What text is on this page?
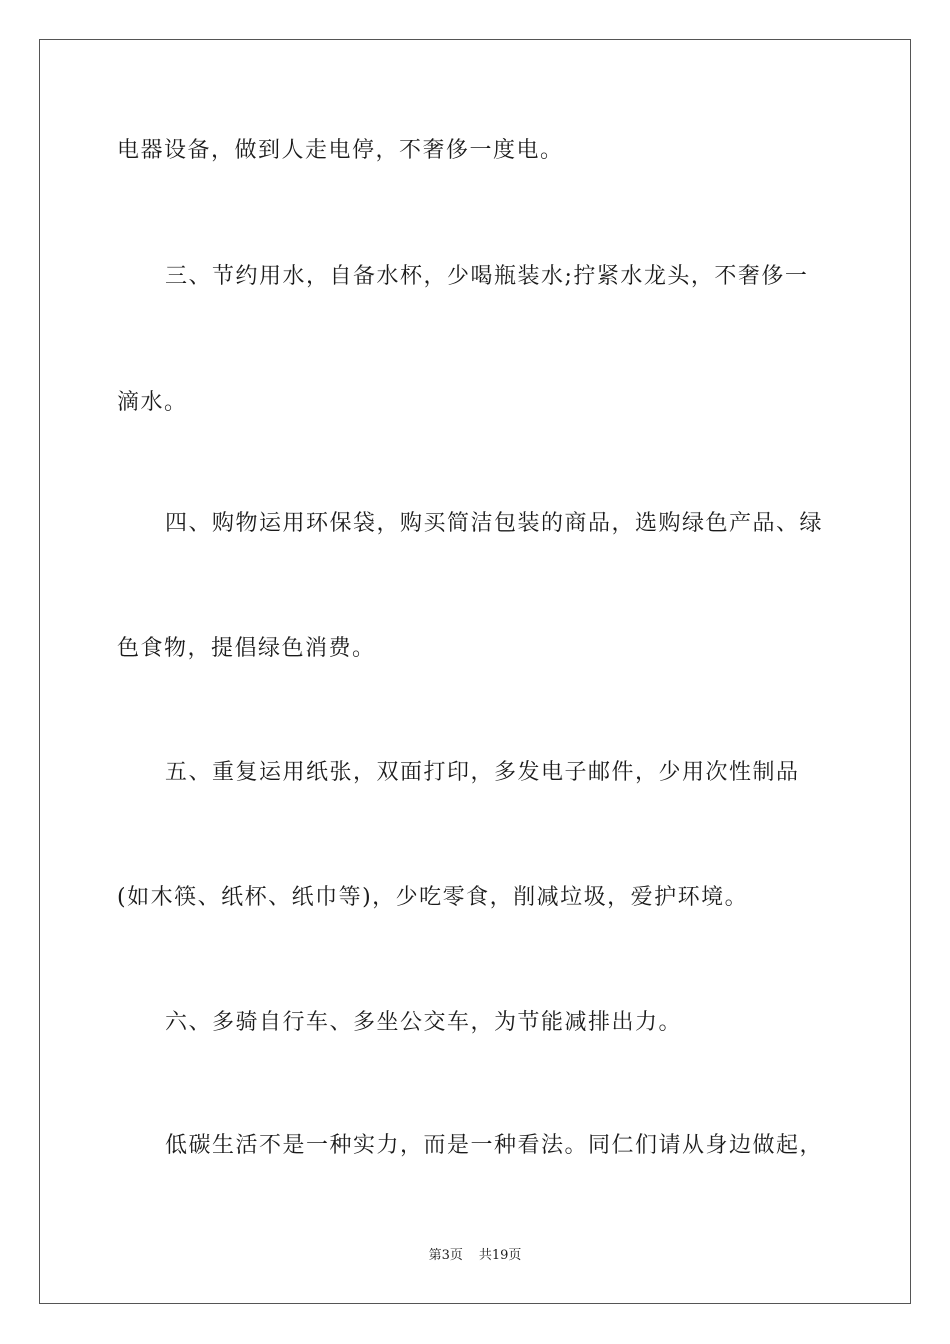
电器设备，做到人走电停，不奢侈一度电。
三、节约用水，自备水杯，少喝瓶装水;拧紧水龙头，不奢侈一
滴水。
四、购物运用环保袋，购买简洁包装的商品，选购绿色产品、绿
色食物，提倡绿色消费。
五、重复运用纸张，双面打印，多发电子邮件，少用次性制品
(如木筷、纸杯、纸巾等)，少吃零食，削减垃圾，爱护环境。
六、多骑自行车、多坐公交车，为节能减排出力。
低碳生活不是一种实力，而是一种看法。同仁们请从身边做起，
第3页 共19页
